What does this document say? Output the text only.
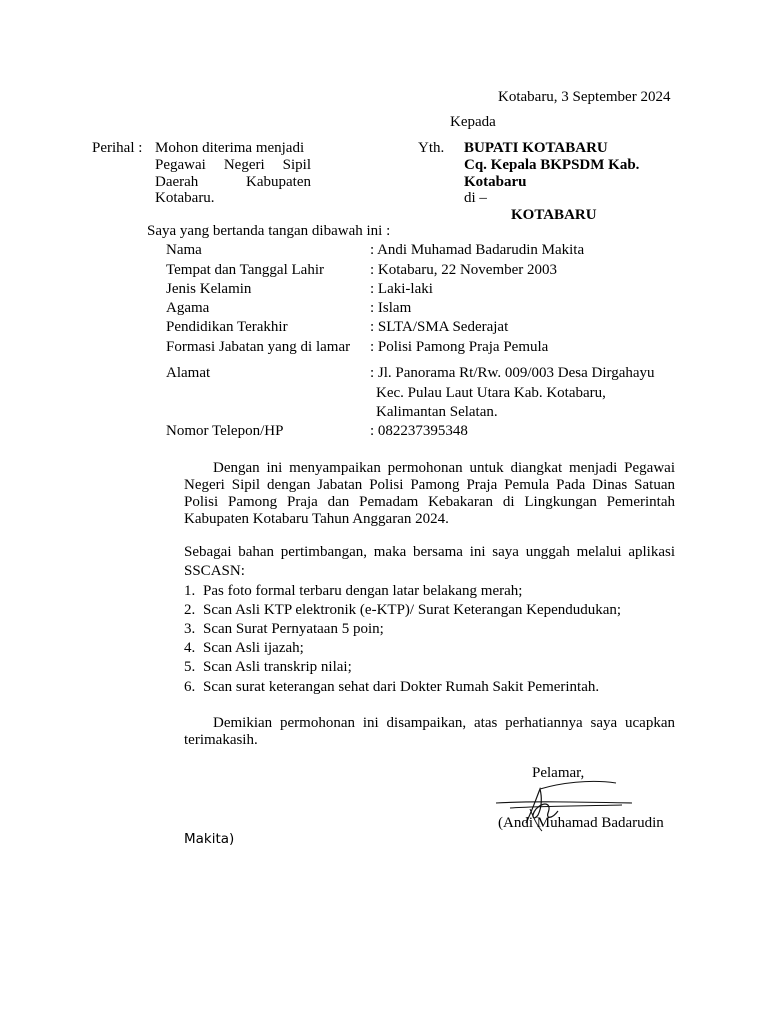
Kotabaru, 3 September 2024
Kepada
Perihal : Mohon diterima menjadi
Pegawai Negeri Sipil
Daerah Kabupaten
Kotabaru.
Yth. BUPATI KOTABARU
Cq. Kepala BKPSDM Kab.
Kotabaru
di –
KOTABARU
Saya yang bertanda tangan dibawah ini :
Nama	: Andi Muhamad Badarudin Makita
Tempat dan Tanggal Lahir	: Kotabaru, 22 November 2003
Jenis Kelamin	: Laki-laki
Agama	: Islam
Pendidikan Terakhir	: SLTA/SMA Sederajat
Formasi Jabatan yang di lamar : Polisi Pamong Praja Pemula
Alamat	: Jl. Panorama Rt/Rw. 009/003 Desa Dirgahayu
Kec. Pulau Laut Utara Kab. Kotabaru,
Kalimantan Selatan.
Nomor Telepon/HP	: 082237395348
Dengan ini menyampaikan permohonan untuk diangkat menjadi Pegawai
Negeri Sipil dengan Jabatan Polisi Pamong Praja Pemula Pada Dinas Satuan
Polisi Pamong Praja dan Pemadam Kebakaran di Lingkungan Pemerintah
Kabupaten Kotabaru Tahun Anggaran 2024.
Sebagai bahan pertimbangan, maka bersama ini saya unggah melalui aplikasi
SSCASN:
1. Pas foto formal terbaru dengan latar belakang merah;
2. Scan Asli KTP elektronik (e-KTP)/ Surat Keterangan Kependudukan;
3. Scan Surat Pernyataan 5 poin;
4. Scan Asli ijazah;
5. Scan Asli transkrip nilai;
6. Scan surat keterangan sehat dari Dokter Rumah Sakit Pemerintah.
Demikian permohonan ini disampaikan, atas perhatiannya saya ucapkan
terimakasih.
Pelamar,
(Andi Muhamad Badarudin
Makita)
